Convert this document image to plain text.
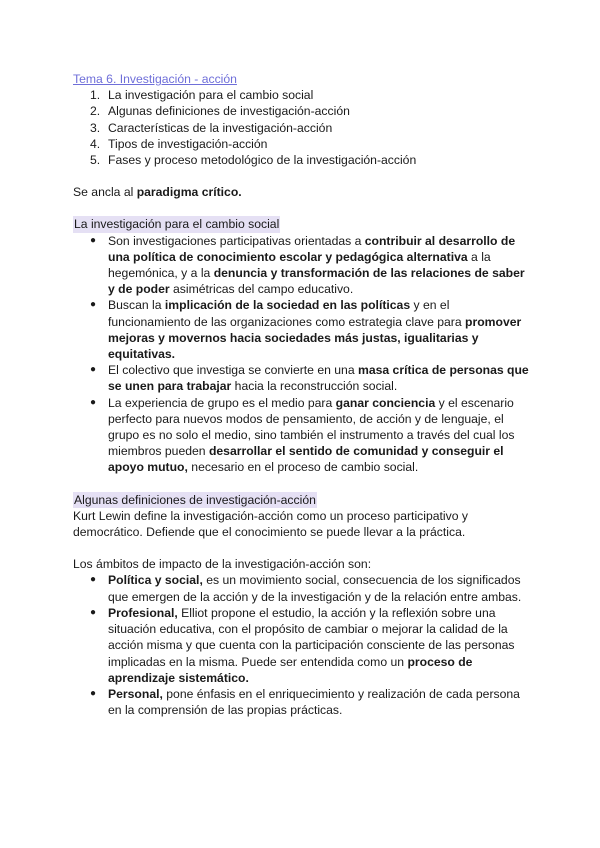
Tema 6. Investigación - acción
1. La investigación para el cambio social
2. Algunas definiciones de investigación-acción
3. Características de la investigación-acción
4. Tipos de investigación-acción
5. Fases y proceso metodológico de la investigación-acción

Se ancla al paradigma crítico.

La investigación para el cambio social
● Son investigaciones participativas orientadas a contribuir al desarrollo de una política de conocimiento escolar y pedagógica alternativa a la hegemónica, y a la denuncia y transformación de las relaciones de saber y de poder asimétricas del campo educativo.
● Buscan la implicación de la sociedad en las políticas y en el funcionamiento de las organizaciones como estrategia clave para promover mejoras y movernos hacia sociedades más justas, igualitarias y equitativas.
● El colectivo que investiga se convierte en una masa crítica de personas que se unen para trabajar hacia la reconstrucción social.
● La experiencia de grupo es el medio para ganar conciencia y el escenario perfecto para nuevos modos de pensamiento, de acción y de lenguaje, el grupo es no solo el medio, sino también el instrumento a través del cual los miembros pueden desarrollar el sentido de comunidad y conseguir el apoyo mutuo, necesario en el proceso de cambio social.
Algunas definiciones de investigación-acción

Kurt Lewin define la investigación-acción como un proceso participativo y democrático. Defiende que el conocimiento se puede llevar a la práctica.

Los ámbitos de impacto de la investigación-acción son:

● Política y social, es un movimiento social, consecuencia de los significados que emergen de la acción y de la investigación y de la relación entre ambas.
● Profesional, Elliot propone el estudio, la acción y la reflexión sobre una situación educativa, con el propósito de cambiar o mejorar la calidad de la acción misma y que cuenta con la participación consciente de las personas implicadas en la misma. Puede ser entendida como un proceso de aprendizaje sistemático.
● Personal, pone énfasis en el enriquecimiento y realización de cada persona en la comprensión de las propias prácticas.
